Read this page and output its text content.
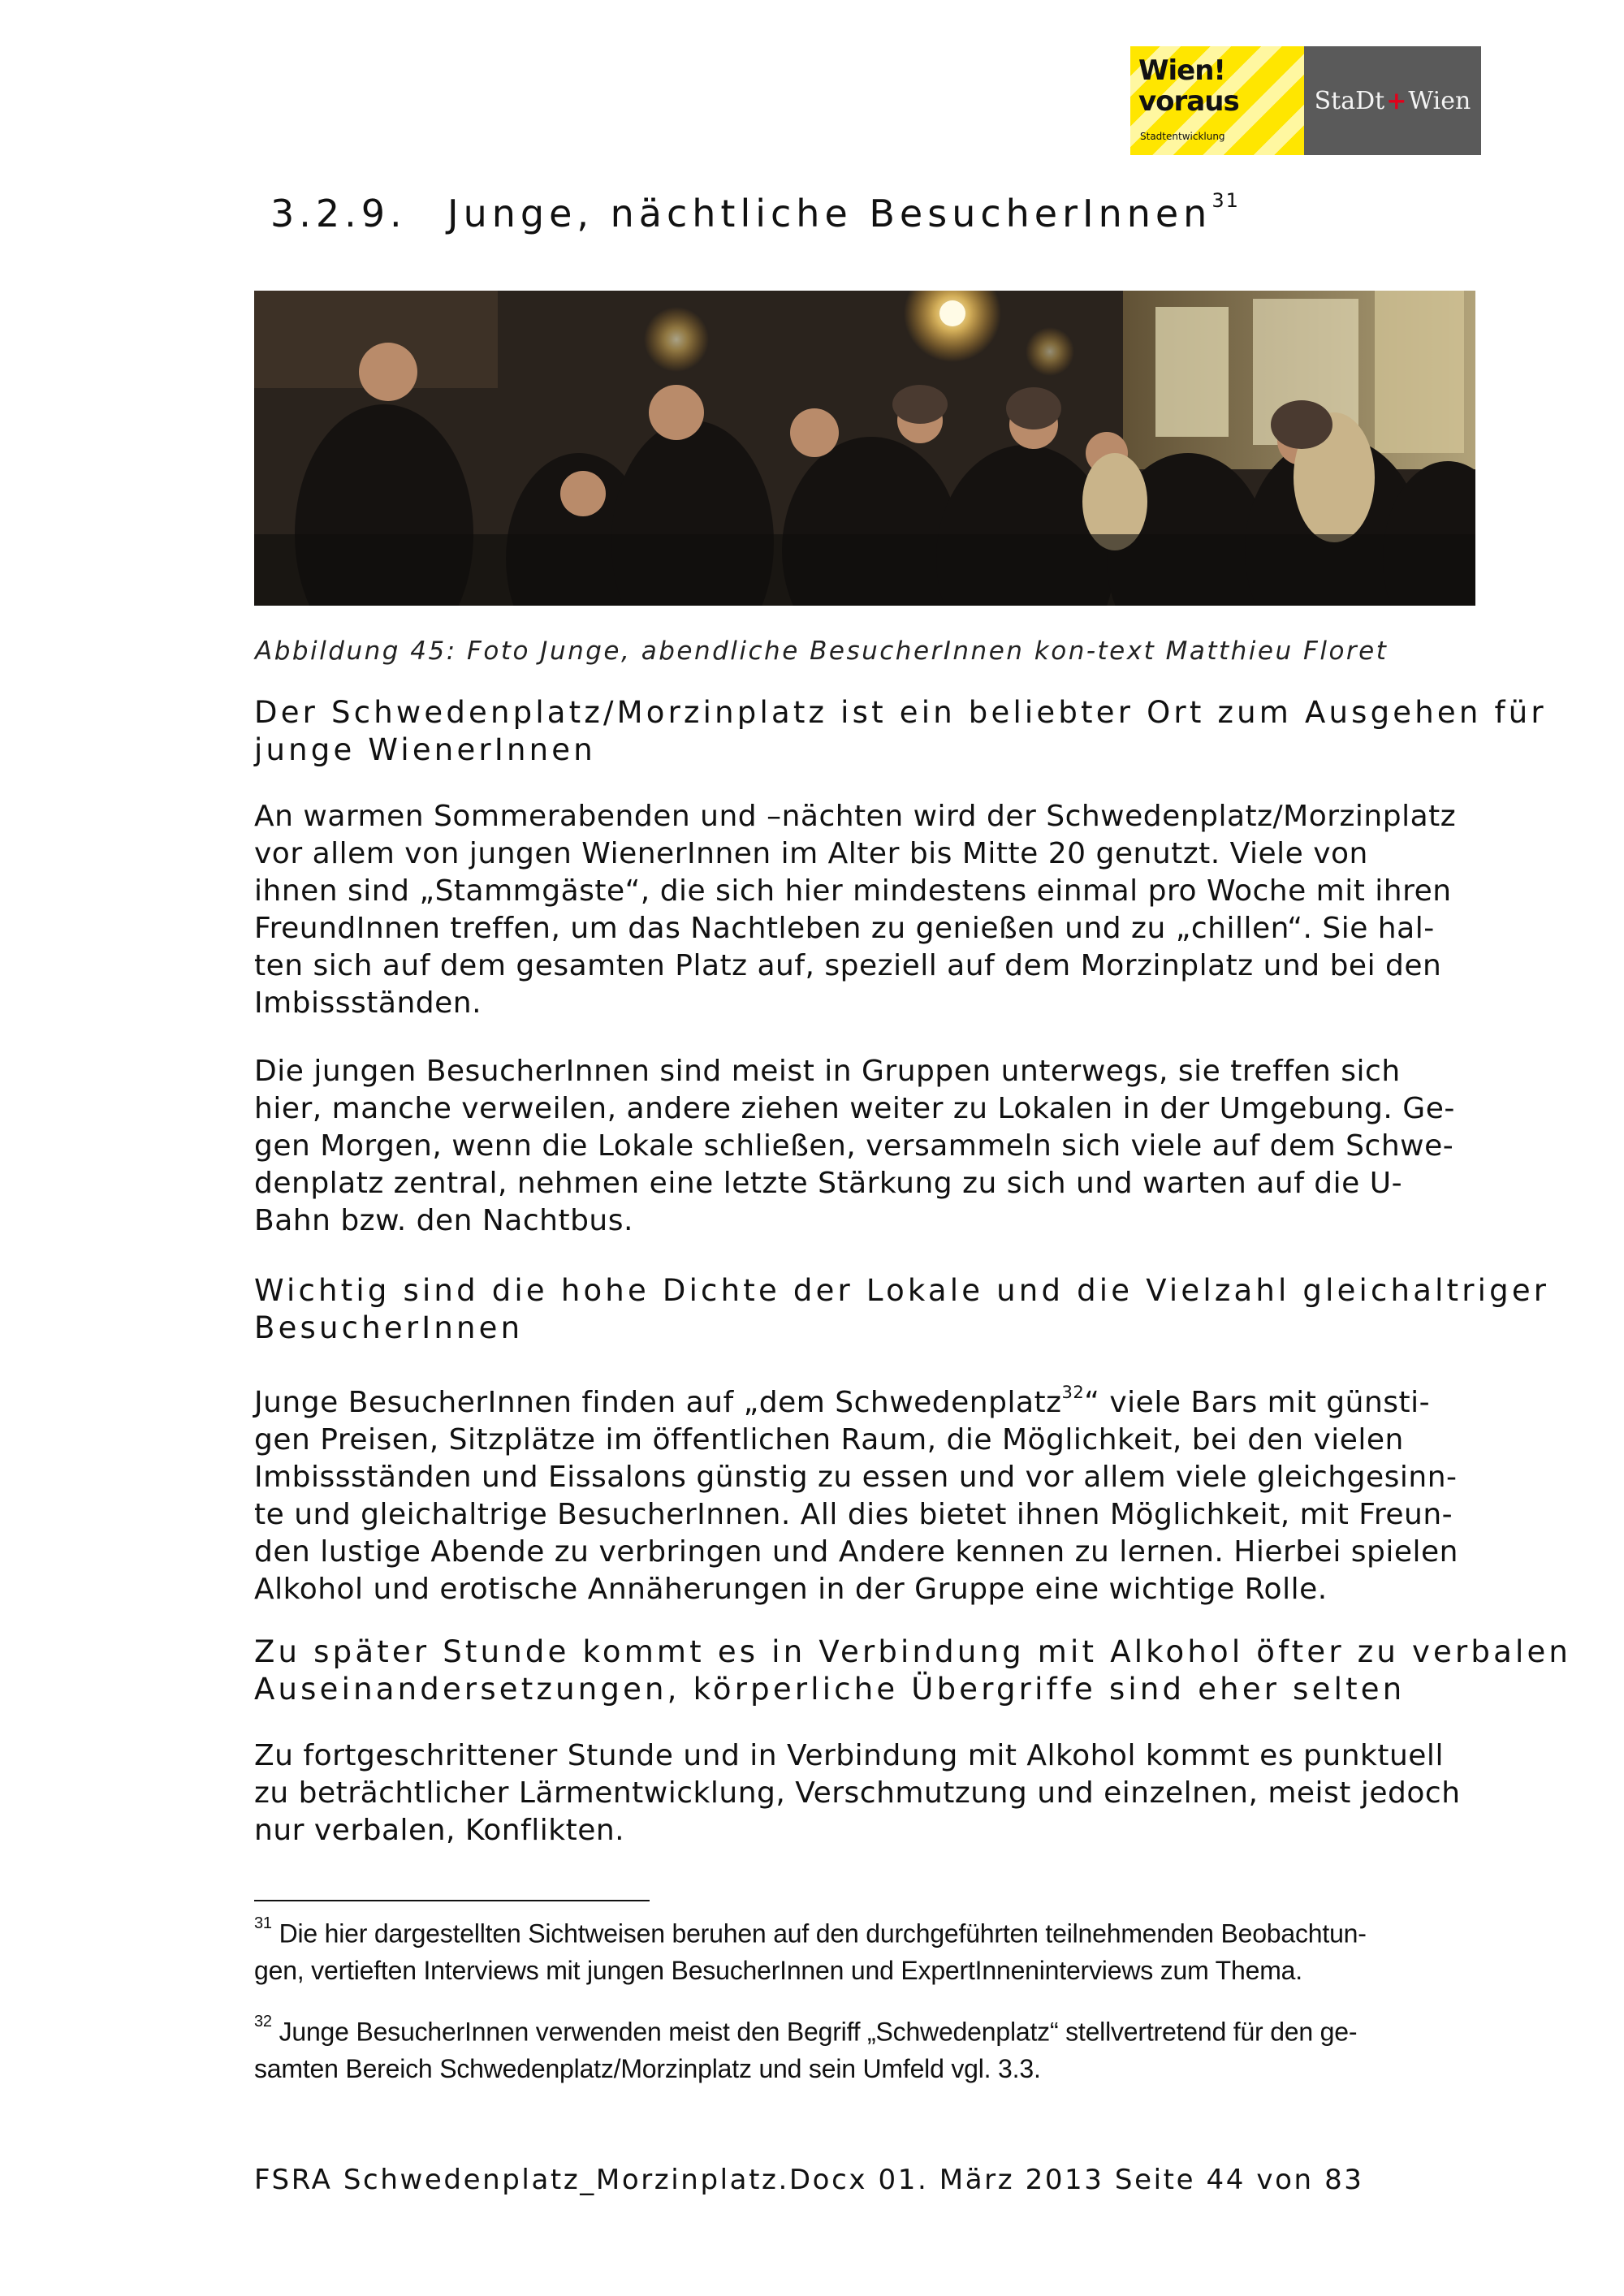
Wien!
voraus
Stadtentwicklung
StaDt + Wien
3.2.9. Junge, nächtliche BesucherInnen$^{31}$
Abbildung 45: Foto Junge, abendliche BesucherInnen kon-text Matthieu Floret
Der Schwedenplatz/Morzinplatz ist ein beliebter Ort zum Ausgehen für
junge WienerInnen
An warmen Sommerabenden und –nächten wird der Schwedenplatz/Morzinplatz
vor allem von jungen WienerInnen im Alter bis Mitte 20 genutzt. Viele von
ihnen sind „Stammgäste“, die sich hier mindestens einmal pro Woche mit ihren
FreundInnen treffen, um das Nachtleben zu genießen und zu „chillen“. Sie hal-
ten sich auf dem gesamten Platz auf, speziell auf dem Morzinplatz und bei den
Imbissständen.
Die jungen BesucherInnen sind meist in Gruppen unterwegs, sie treffen sich
hier, manche verweilen, andere ziehen weiter zu Lokalen in der Umgebung. Ge-
gen Morgen, wenn die Lokale schließen, versammeln sich viele auf dem Schwe-
denplatz zentral, nehmen eine letzte Stärkung zu sich und warten auf die U-
Bahn bzw. den Nachtbus.
Wichtig sind die hohe Dichte der Lokale und die Vielzahl gleichaltriger
BesucherInnen
Junge BesucherInnen finden auf „dem Schwedenplatz$^{32}$“ viele Bars mit günsti-
gen Preisen, Sitzplätze im öffentlichen Raum, die Möglichkeit, bei den vielen
Imbissständen und Eissalons günstig zu essen und vor allem viele gleichgesinn-
te und gleichaltrige BesucherInnen. All dies bietet ihnen Möglichkeit, mit Freun-
den lustige Abende zu verbringen und Andere kennen zu lernen. Hierbei spielen
Alkohol und erotische Annäherungen in der Gruppe eine wichtige Rolle.
Zu später Stunde kommt es in Verbindung mit Alkohol öfter zu verbalen
Auseinandersetzungen, körperliche Übergriffe sind eher selten
Zu fortgeschrittener Stunde und in Verbindung mit Alkohol kommt es punktuell
zu beträchtlicher Lärmentwicklung, Verschmutzung und einzelnen, meist jedoch
nur verbalen, Konflikten.
$^{31}$ Die hier dargestellten Sichtweisen beruhen auf den durchgeführten teilnehmenden Beobachtun-
gen, vertieften Interviews mit jungen BesucherInnen und ExpertInneninterviews zum Thema.
$^{32}$ Junge BesucherInnen verwenden meist den Begriff „Schwedenplatz“ stellvertretend für den ge-
samten Bereich Schwedenplatz/Morzinplatz und sein Umfeld vgl. 3.3.
FSRA Schwedenplatz_Morzinplatz.Docx 01. März 2013 Seite 44 von 83
